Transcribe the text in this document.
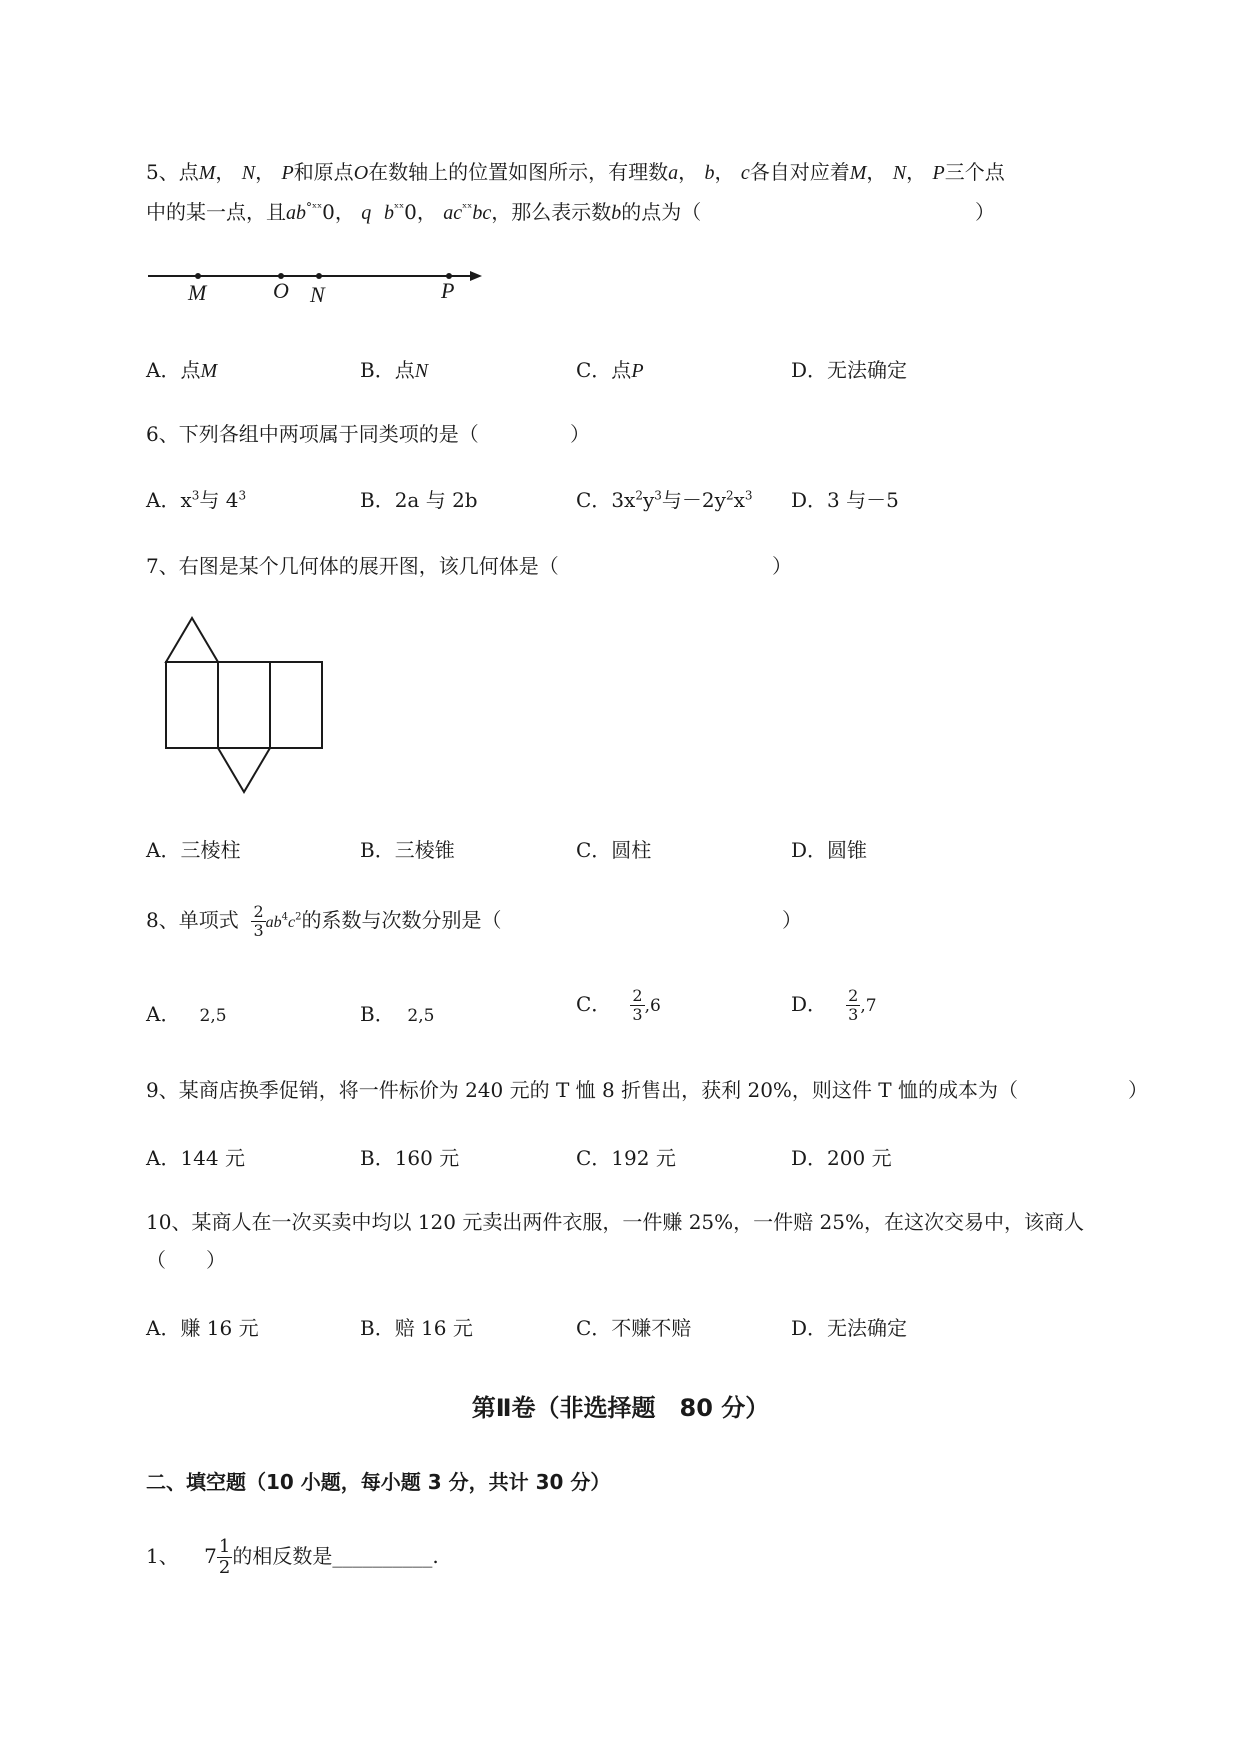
5、点M， N， P和原点O在数轴上的位置如图所示，有理数a， b， c各自对应着M， N， P三个点
中的某一点，且$ab^{^\circ ˣˣ}0$， q $b^{ˣˣ}0$， $ac^{ˣˣ}bc$，那么表示数b的点为（	）
M	O N	P
A．点M	B．点N	C．点P	D．无法确定
6、下列各组中两项属于同类项的是（	）
A．$x^3$与 $4^3$	B．2a 与 2b	C．$3x^2y^3$与$-2y^2x^3$ D．3 与－5
7、右图是某个几何体的展开图，该几何体是（	）
A．三棱柱	B．三棱锥	C．圆柱	D．圆锥
8、单项式 $\frac{2}{3} ab^4c^2$的系数与次数分别是（	）
A． 2,5	B． 2,5	C． $\frac{2}{3} ,6$	D． $\frac{2}{3} ,7$
9、某商店换季促销，将一件标价为 240 元的 T 恤 8 折售出，获利 20%，则这件 T 恤的成本为（	）
A．144 元	B．160 元	C．192 元	D．200 元
10、某商人在一次买卖中均以 120 元卖出两件衣服，一件赚 25%，一件赔 25%，在这次交易中，该商人
（　　）
A．赚 16 元	B．赔 16 元	C．不赚不赔	D．无法确定
第Ⅱ卷（非选择题　80 分）
二、填空题（10 小题，每小题 3 分，共计 30 分）
1、 $7 \frac{1}{2}$ 的相反数是__________.
